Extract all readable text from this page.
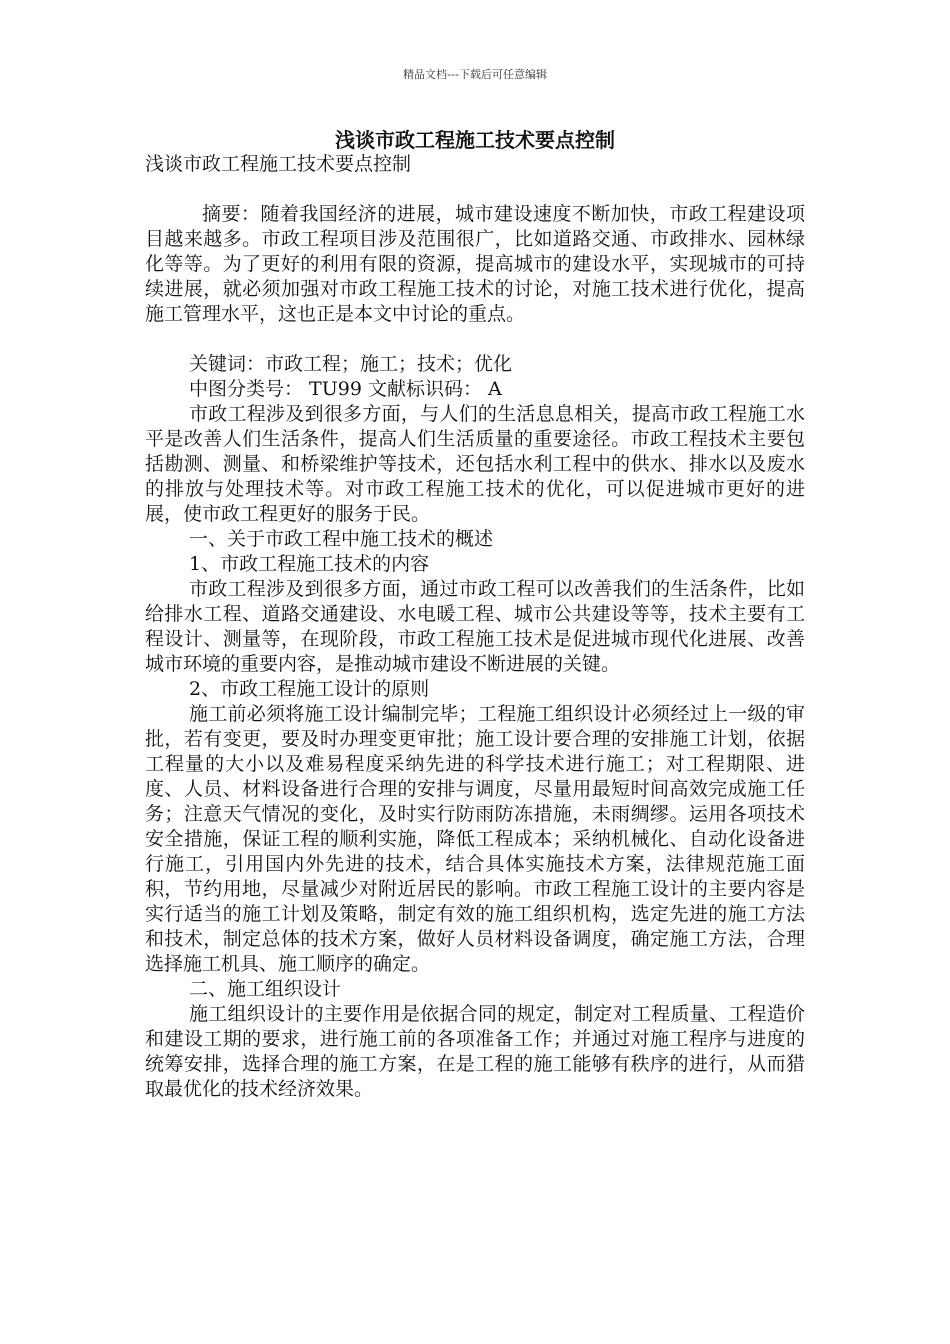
精品文档---下载后可任意编辑
浅谈市政工程施工技术要点控制

浅谈市政工程施工技术要点控制

摘要：随着我国经济的进展，城市建设速度不断加快，市政工程建设项目越来越多。市政工程项目涉及范围很广，比如道路交通、市政排水、园林绿化等等。为了更好的利用有限的资源，提高城市的建设水平，实现城市的可持续进展，就必须加强对市政工程施工技术的讨论，对施工技术进行优化，提高施工管理水平，这也正是本文中讨论的重点。

关键词：市政工程；施工；技术；优化

中图分类号： TU99 文献标识码： A

市政工程涉及到很多方面，与人们的生活息息相关，提高市政工程施工水平是改善人们生活条件，提高人们生活质量的重要途径。市政工程技术主要包括勘测、测量、和桥梁维护等技术，还包括水利工程中的供水、排水以及废水的排放与处理技术等。对市政工程施工技术的优化，可以促进城市更好的进展，使市政工程更好的服务于民。

一、关于市政工程中施工技术的概述

1、市政工程施工技术的内容

市政工程涉及到很多方面，通过市政工程可以改善我们的生活条件，比如给排水工程、道路交通建设、水电暖工程、城市公共建设等等，技术主要有工程设计、测量等，在现阶段，市政工程施工技术是促进城市现代化进展、改善城市环境的重要内容，是推动城市建设不断进展的关键。

2、市政工程施工设计的原则

施工前必须将施工设计编制完毕；工程施工组织设计必须经过上一级的审批，若有变更，要及时办理变更审批；施工设计要合理的安排施工计划，依据工程量的大小以及难易程度采纳先进的科学技术进行施工；对工程期限、进度、人员、材料设备进行合理的安排与调度，尽量用最短时间高效完成施工任务；注意天气情况的变化，及时实行防雨防冻措施，未雨绸缪。运用各项技术安全措施，保证工程的顺利实施，降低工程成本；采纳机械化、自动化设备进行施工，引用国内外先进的技术，结合具体实施技术方案，法律规范施工面积，节约用地，尽量减少对附近居民的影响。市政工程施工设计的主要内容是实行适当的施工计划及策略，制定有效的施工组织机构，选定先进的施工方法和技术，制定总体的技术方案，做好人员材料设备调度，确定施工方法，合理选择施工机具、施工顺序的确定。

二、施工组织设计

施工组织设计的主要作用是依据合同的规定，制定对工程质量、工程造价和建设工期的要求，进行施工前的各项准备工作；并通过对施工程序与进度的统筹安排，选择合理的施工方案，在是工程的施工能够有秩序的进行，从而猎取最优化的技术经济效果。
